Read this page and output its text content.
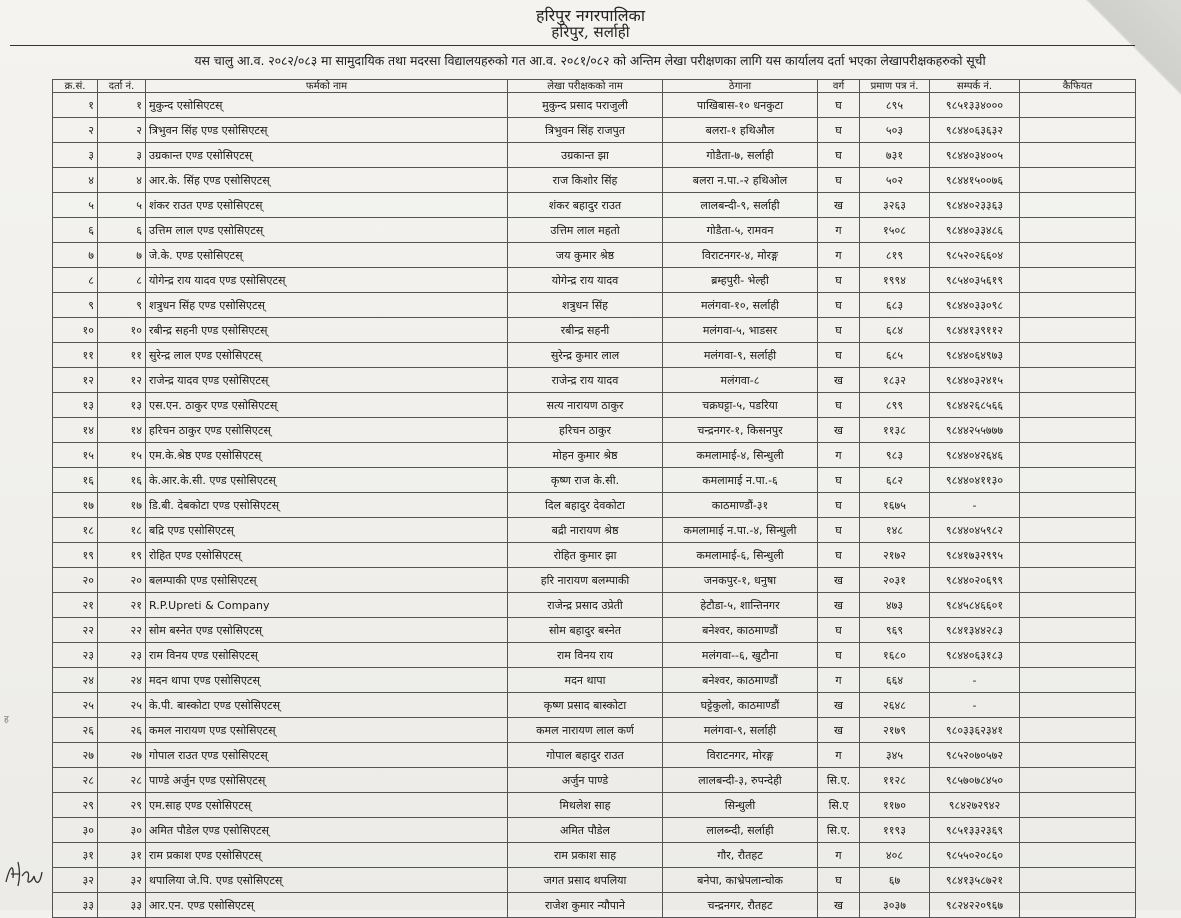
हरिपुर नगरपालिका
हरिपुर, सर्लाही
यस चालु आ.व. २०८२/०८३ मा सामुदायिक तथा मदरसा विद्यालयहरुको गत आ.व. २०८१/०८२ को अन्तिम लेखा परीक्षणका लागि यस कार्यालय दर्ता भएका लेखापरीक्षकहरुको सूची
क्र.सं.	दर्ता नं.	फर्मको नाम	लेखा परीक्षकको नाम	ठेगाना	वर्ग	प्रमाण पत्र नं.	सम्पर्क नं.	कैफियत
१	१	मुकुन्द एसोसिएटस्	मुकुन्द प्रसाद पराजुली	पाखिबास-१० धनकुटा	घ	८९५	९८५१३३४०००	
२	२	त्रिभुवन सिंह एण्ड एसोसिएटस्	त्रिभुवन सिंह राजपुत	बलरा-१ हथिऔल	घ	५०३	९८४४०६३६३२	
३	३	उग्रकान्त एण्ड एसोसिएटस्	उग्रकान्त झा	गोडैता-७, सर्लाही	घ	७३१	९८४४०३४००५	
४	४	आर.के. सिंह एण्ड एसोसिएटस्	राज किशोर सिंह	बलरा न.पा.-२ हथिओल	घ	५०२	९८४४१५००७६	
५	५	शंकर राउत एण्ड एसोसिएटस्	शंकर बहादुर राउत	लालबन्दी-९, सर्लाही	ख	३२६३	९८४४०२३३६३	
६	६	उत्तिम लाल एण्ड एसोसिएटस्	उत्तिम लाल महतो	गोडैता-५, रामवन	ग	१५०८	९८४४०३३४८६	
७	७	जे.के. एण्ड एसोसिएटस्	जय कुमार श्रेष्ठ	विराटनगर-४, मोरङ्ग	ग	८१९	९८५२०२६६०४	
८	८	योगेन्द्र राय यादव एण्ड एसोसिएटस्	योगेन्द्र राय यादव	ब्रम्हपुरी- भेल्ही	घ	१९९४	९८५४०३५६१९	
९	९	शत्रुधन सिंह एण्ड एसोसिएटस्	शत्रुधन सिंह	मलंगवा-१०, सर्लाही	घ	६८३	९८४४०३३०९८	
१०	१०	रबीन्द्र सहनी एण्ड एसोसिएटस्	रबीन्द्र सहनी	मलंगवा-५, भाडसर	घ	६८४	९८४४१३९११२	
११	११	सुरेन्द्र लाल एण्ड एसोसिएटस्	सुरेन्द्र कुमार लाल	मलंगवा-९, सर्लाही	घ	६८५	९८४४०६४९७३	
१२	१२	राजेन्द्र यादव एण्ड एसोसिएटस्	राजेन्द्र राय यादव	मलंगवा-८	ख	१८३२	९८४४०३२४१५	
१३	१३	एस.एन. ठाकुर एण्ड एसोसिएटस्	सत्य नारायण ठाकुर	चक्रघट्टा-५, पडरिया	घ	८९९	९८४४२६८५६६	
१४	१४	हरिचन ठाकुर एण्ड एसोसिएटस्	हरिचन ठाकुर	चन्द्रनगर-१, किसनपुर	ख	११३८	९८४४२५५७७७	
१५	१५	एम.के.श्रेष्ठ एण्ड एसोसिएटस्	मोहन कुमार श्रेष्ठ	कमलामाई-४, सिन्धुली	ग	९८३	९८४४०४२६४६	
१६	१६	के.आर.के.सी. एण्ड एसोसिएटस्	कृष्ण राज के.सी.	कमलामाई न.पा.-६	घ	६८२	९८४४०४११३०	
१७	१७	डि.बी. देबकोटा एण्ड एसोसिएटस्	दिल बहादुर देवकोटा	काठमाण्डौं-३१	घ	१६७५	-	
१८	१८	बद्रि एण्ड एसोसिएटस्	बद्री नारायण श्रेष्ठ	कमलामाई न.पा.-४, सिन्धुली	घ	१४८	९८४४०४५९८२	
१९	१९	रोहित एण्ड एसोसिएटस्	रोहित कुमार झा	कमलामाई-६, सिन्धुली	घ	२१७२	९८४१७३२९९५	
२०	२०	बलम्पाकी एण्ड एसोसिएटस्	हरि नारायण बलम्पाकी	जनकपुर-१, धनुषा	ख	२०३१	९८४४०२०६९९	
२१	२१	R.P.Upreti & Company	राजेन्द्र प्रसाद उप्रेती	हेटौडा-५, शान्तिनगर	ख	४७३	९८४५८४६६०१	
२२	२२	सोम बस्नेत एण्ड एसोसिएटस्	सोम बहादुर बस्नेत	बनेश्वर, काठमाण्डौं	घ	९६९	९८४१३४४२८३	
२३	२३	राम विनय एण्ड एसोसिएटस्	राम विनय राय	मलंगवा--६, खुटौना	घ	१६८०	९८४४०६३१८३	
२४	२४	मदन थापा एण्ड एसोसिएटस्	मदन थापा	बनेश्वर, काठमाण्डौं	ग	६६४	-	
२५	२५	के.पी. बास्कोटा एण्ड एसोसिएटस्	कृष्ण प्रसाद बास्कोटा	घट्टेकुलो, काठमाण्डौं	ख	२६४८	-	
२६	२६	कमल नारायण एण्ड एसोसिएटस्	कमल नारायण लाल कर्ण	मलंगवा-९, सर्लाही	ख	२१७९	९८०३३६२३४१	
२७	२७	गोपाल राउत एण्ड एसोसिएटस्	गोपाल बहादुर राउत	विराटनगर, मोरङ्ग	ग	३४५	९८५२०७०५७२	
२८	२८	पाण्डे अर्जुन एण्ड एसोसिएटस्	अर्जुन पाण्डे	लालबन्दी-३, रुपन्देही	सि.ए.	११२८	९८५७०७८४५०	
२९	२९	एम.साह एण्ड एसोसिएटस्	मिथलेश साह	सिन्धुली	सि.ए	११७०	९८४२७२९४२	
३०	३०	अमित पौडेल एण्ड एसोसिएटस्	अमित पौडेल	लालब्न्दी, सर्लाही	सि.ए.	११९३	९८५१३३२३६९	
३१	३१	राम प्रकाश एण्ड एसोसिएटस्	राम प्रकाश साह	गौर, रौतहट	ग	४०८	९८५५०२०८६०	
३२	३२	थपालिया जे.पि. एण्ड एसोसिएटस्	जगत प्रसाद थपलिया	बनेपा, काभ्रेपलान्चोक	घ	६७	९८४१३५८७२१	
३३	३३	आर.एन. एण्ड एसोसिएटस्	राजेश कुमार न्यौपाने	चन्द्रनगर, रौतहट	ख	३०३७	९८२४२२०९६७	
ह
